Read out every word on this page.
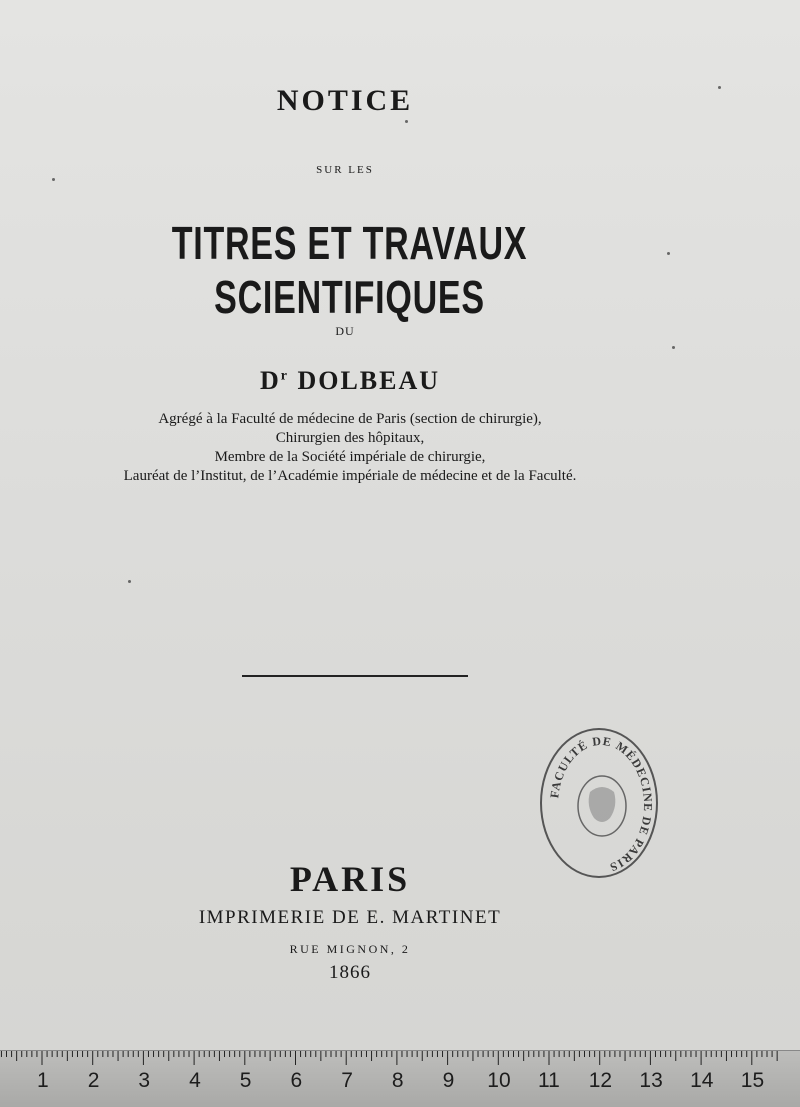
NOTICE
SUR LES
TITRES ET TRAVAUX SCIENTIFIQUES
DU
$D^r$ DOLBEAU
Agrégé à la Faculté de médecine de Paris (section de chirurgie),
Chirurgien des hôpitaux,
Membre de la Société impériale de chirurgie,
Lauréat de l’Institut, de l’Académie impériale de médecine et de la Faculté.
FACULTÉ DE MÉDECINE DE PARIS
PARIS
IMPRIMERIE DE E. MARTINET
RUE MIGNON, 2
1866
1 2 3 4 5 6 7 8 9 10 11 12 13 14 15
